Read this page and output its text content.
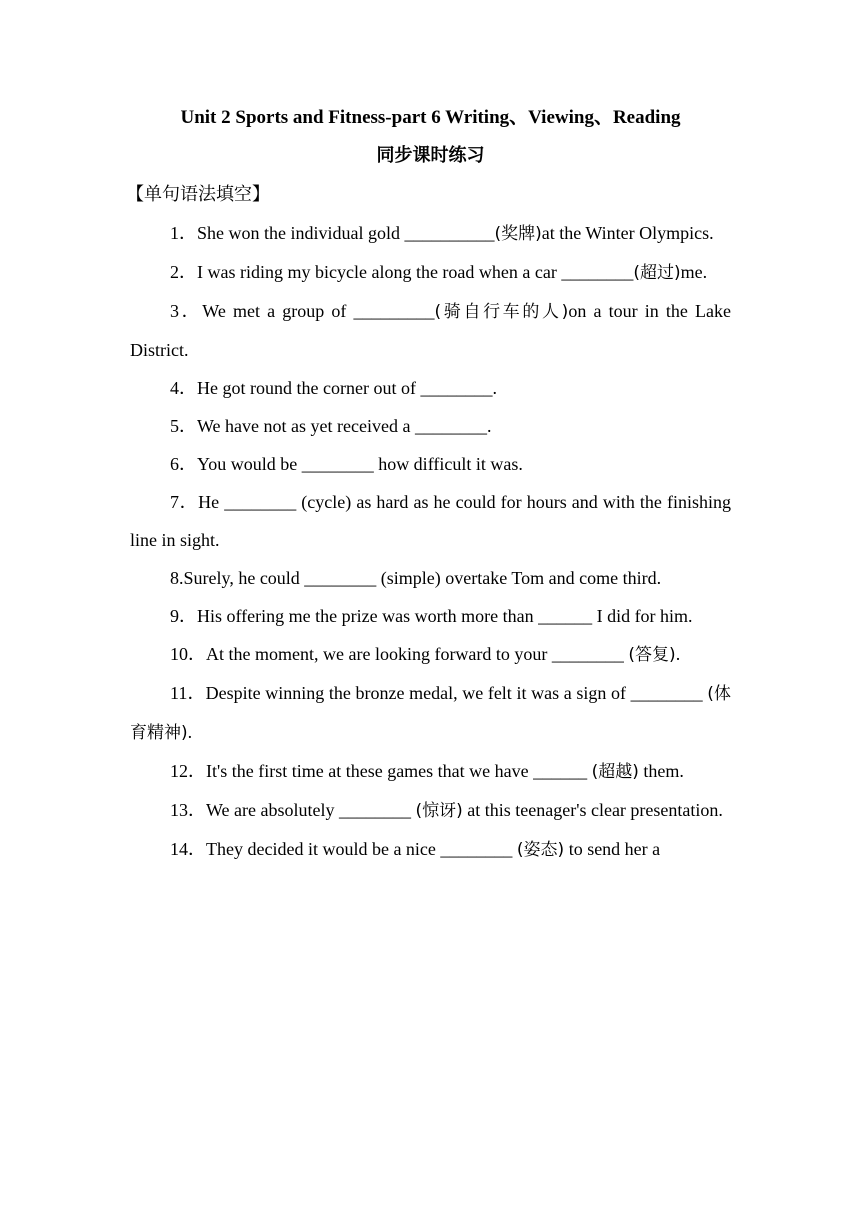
Unit 2 Sports and Fitness-part 6 Writing、Viewing、Reading
同步课时练习
【单句语法填空】

1．She won the individual gold __________(奖牌)at the Winter Olympics.

2．I was riding my bicycle along the road when a car ________(超过)me.

3．We met a group of _________(骑自行车的人)on a tour in the Lake District.

4．He got round the corner out of ________.

5．We have not as yet received a ________.

6．You would be ________ how difficult it was.

7．He ________ (cycle) as hard as he could for hours and with the finishing line in sight.

8.Surely, he could ________ (simple) overtake Tom and come third.

9．His offering me the prize was worth more than ______ I did for him.

10．At the moment, we are looking forward to your ________ (答复).

11．Despite winning the bronze medal, we felt it was a sign of ________ (体育精神).

12．It's the first time at these games that we have ______ (超越) them.

13．We are absolutely ________ (惊讶) at this teenager's clear presentation.

14．They decided it would be a nice ________ (姿态) to send her a
